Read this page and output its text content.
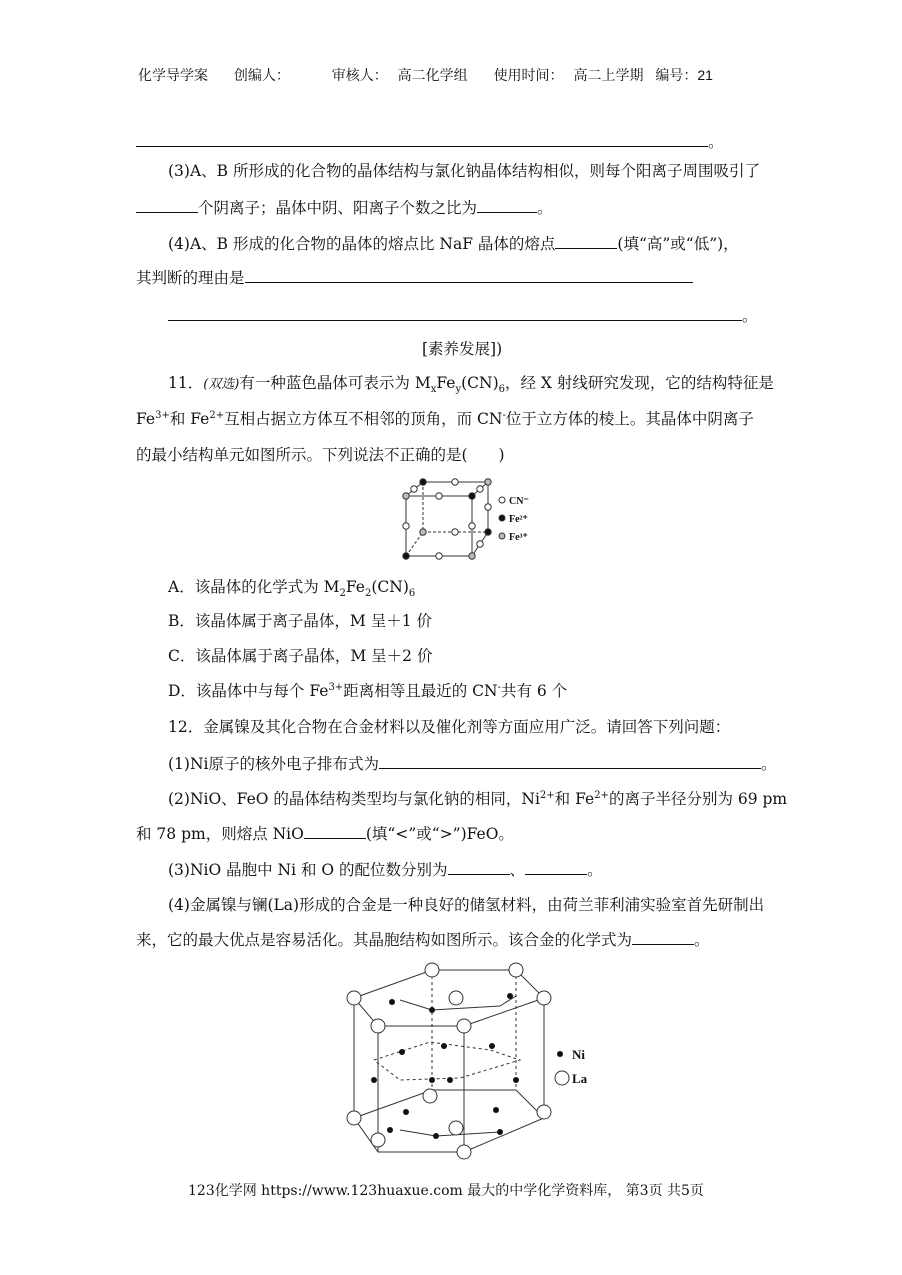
化学导学案 创编人：	审核人： 高二化学组 使用时间： 高二上学期 编号：21
。
(3)A、B 所形成的化合物的晶体结构与氯化钠晶体结构相似，则每个阳离子周围吸引了
个阴离子；晶体中阴、阳离子个数之比为	。
(4)A、B 形成的化合物的晶体的熔点比 NaF 晶体的熔点	(填“高”或“低”)，
其判断的理由是
。
[素养发展])
11．(双选)有一种蓝色晶体可表示为 $M_xFe_y(CN)_6$，经 X 射线研究发现，它的结构特征是
$Fe^{3+}$和 $Fe^{2+}$互相占据立方体互不相邻的顶角，而 CN-位于立方体的棱上。其晶体中阴离子
的最小结构单元如图所示。下列说法不正确的是(　　)
CN⁻
Fe²⁺
Fe³⁺
A．该晶体的化学式为 $M_2Fe_2(CN)_6$
B．该晶体属于离子晶体，M 呈＋1 价
C．该晶体属于离子晶体，M 呈＋2 价
D．该晶体中与每个 $Fe^{3+}$距离相等且最近的 CN-共有 6 个
12．金属镍及其化合物在合金材料以及催化剂等方面应用广泛。请回答下列问题：
(1)Ni原子的核外电子排布式为	。
(2)NiO、FeO 的晶体结构类型均与氯化钠的相同，$Ni^{2+}$和 $Fe^{2+}$的离子半径分别为 69 pm
和 78 pm，则熔点 NiO	(填“<”或“>”)FeO。
(3)NiO 晶胞中 Ni 和 O 的配位数分别为	、	。
(4)金属镍与镧(La)形成的合金是一种良好的储氢材料，由荷兰菲利浦实验室首先研制出
来，它的最大优点是容易活化。其晶胞结构如图所示。该合金的化学式为	。
Ni
La
123化学网 https://www.123huaxue.com 最大的中学化学资料库， 第3页 共5页
